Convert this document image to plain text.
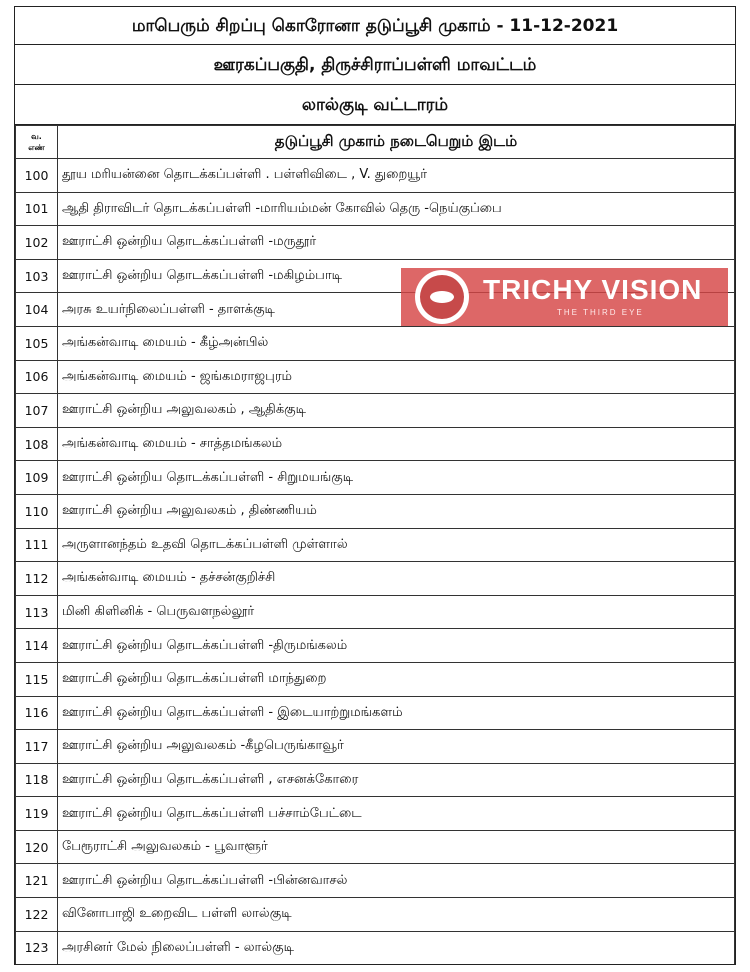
மாபெரும் சிறப்பு கொரோனா தடுப்பூசி முகாம் - 11-12-2021
ஊரகப்பகுதி, திருச்சிராப்பள்ளி மாவட்டம்
லால்குடி வட்டாரம்
வ.
எண்	தடுப்பூசி முகாம் நடைபெறும் இடம்
100	தூய மரியன்னை தொடக்கப்பள்ளி . பள்ளிவிடை , V. துறையூர்
101	ஆதி திராவிடர் தொடக்கப்பள்ளி -மாரியம்மன் கோவில் தெரு -நெய்குப்பை
102	ஊராட்சி ஒன்றிய தொடக்கப்பள்ளி -மருதூர்
103	ஊராட்சி ஒன்றிய தொடக்கப்பள்ளி -மகிழம்பாடி
104	அரசு உயர்நிலைப்பள்ளி - தாளக்குடி
105	அங்கன்வாடி மையம் - கீழ்அன்பில்
106	அங்கன்வாடி மையம் - ஜங்கமராஜபுரம்
107	ஊராட்சி ஒன்றிய அலுவலகம் , ஆதிக்குடி
108	அங்கன்வாடி மையம் - சாத்தமங்கலம்
109	ஊராட்சி ஒன்றிய தொடக்கப்பள்ளி - சிறுமயங்குடி
110	ஊராட்சி ஒன்றிய அலுவலகம் , திண்ணியம்
111	அருளானந்தம் உதவி தொடக்கப்பள்ளி முள்ளால்
112	அங்கன்வாடி மையம் - தச்சன்குறிச்சி
113	மினி கிளினிக் - பெருவளநல்லூர்
114	ஊராட்சி ஒன்றிய தொடக்கப்பள்ளி -திருமங்கலம்
115	ஊராட்சி ஒன்றிய தொடக்கப்பள்ளி மாந்துறை
116	ஊராட்சி ஒன்றிய தொடக்கப்பள்ளி - இடையாற்றுமங்களம்
117	ஊராட்சி ஒன்றிய அலுவலகம் -கீழபெருங்காவூர்
118	ஊராட்சி ஒன்றிய தொடக்கப்பள்ளி , எசனக்கோரை
119	ஊராட்சி ஒன்றிய தொடக்கப்பள்ளி பச்சாம்பேட்டை
120	பேரூராட்சி அலுவலகம் - பூவாளூர்
121	ஊராட்சி ஒன்றிய தொடக்கப்பள்ளி -பின்னவாசல்
122	வினோபாஜி உறைவிட பள்ளி லால்குடி
123	அரசினர் மேல் நிலைப்பள்ளி - லால்குடி
TRICHY VISION
THE THIRD EYE
